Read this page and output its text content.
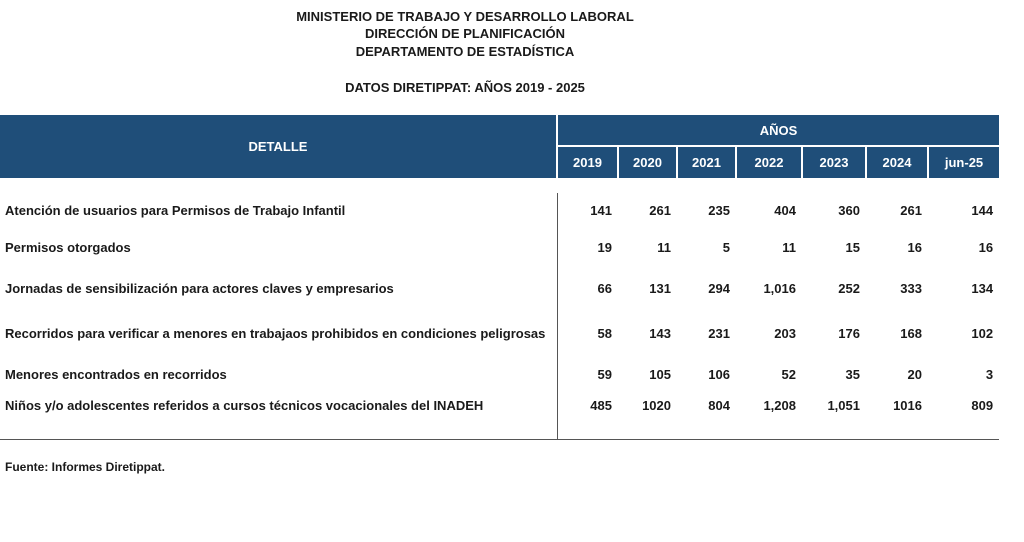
MINISTERIO DE TRABAJO Y DESARROLLO LABORAL
DIRECCIÓN DE PLANIFICACIÓN
DEPARTAMENTO DE ESTADÍSTICA
DATOS DIRETIPPAT: AÑOS 2019 - 2025
DETALLE	AÑOS						
	2019	2020	2021	2022	2023	2024	jun-25

Atención de usuarios para Permisos de Trabajo Infantil	141	261	235	404	360	261	144
Permisos otorgados	19	11	5	11	15	16	16
Jornadas de sensibilización para actores claves y empresarios	66	131	294	1,016	252	333	134
Recorridos para verificar a menores en trabajaos prohibidos en condiciones peligrosas	58	143	231	203	176	168	102
Menores encontrados en recorridos	59	105	106	52	35	20	3
Niños y/o adolescentes referidos a cursos técnicos vocacionales del INADEH	485	1020	804	1,208	1,051	1016	809
Fuente: Informes Diretippat.
